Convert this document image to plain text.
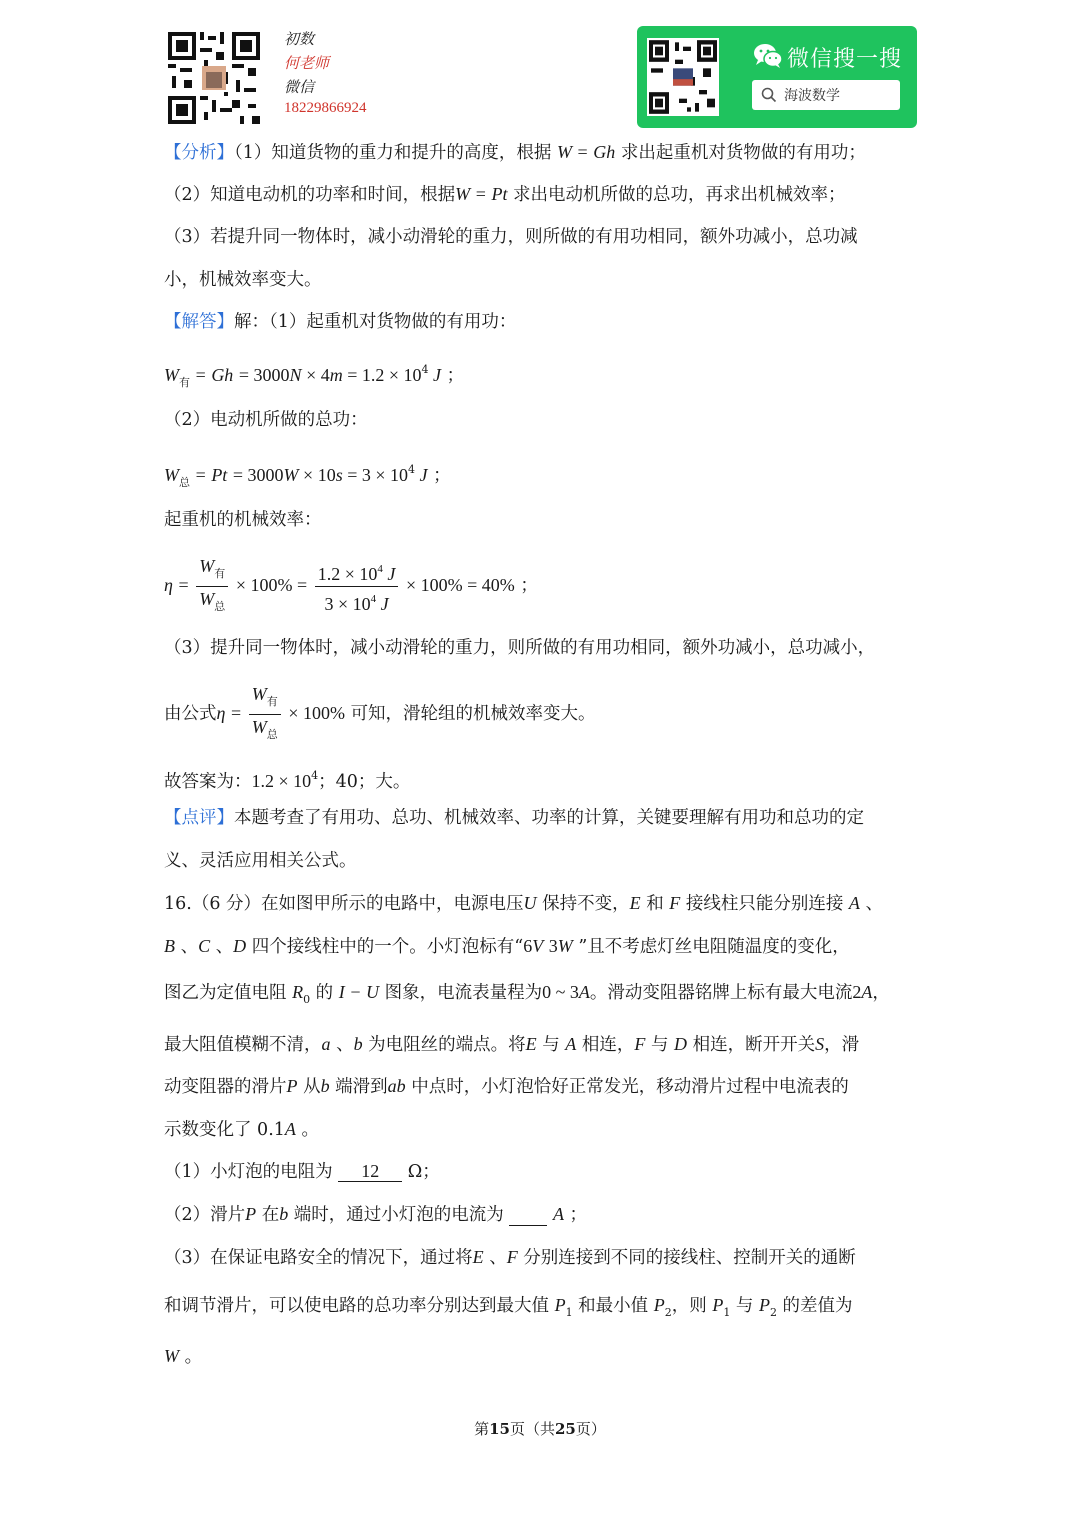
初数
何老师
微信
18229866924
微信搜一搜
海波数学
【分析】（1）知道货物的重力和提升的高度，根据 W = Gh 求出起重机对货物做的有用功；
（2）知道电动机的功率和时间，根据W = Pt 求出电动机所做的总功，再求出机械效率；
（3）若提升同一物体时，减小动滑轮的重力，则所做的有用功相同，额外功减小，总功减
小，机械效率变大。
【解答】解：（1）起重机对货物做的有用功：
$W_有 = Gh = 3000N \times 4m = 1.2 \times 10^4$ J ；
（2）电动机所做的总功：
$W_总 = Pt = 3000W \times 10s = 3 \times 10^4$ J ；
起重机的机械效率：
$\eta = \frac{W_有}{W_总} \times 100\% = \frac{1.2 \times 10^4 J}{3 \times 10^4 J} \times 100\% = 40\%$ ；
（3）提升同一物体时，减小动滑轮的重力，则所做的有用功相同，额外功减小，总功减小，
由公式$\eta = \frac{W_有}{W_总} \times 100\%$ 可知，滑轮组的机械效率变大。
故答案为：$1.2 \times 10^4$；40；大。
【点评】本题考查了有用功、总功、机械效率、功率的计算，关键要理解有用功和总功的定
义、灵活应用相关公式。
16.（6 分）在如图甲所示的电路中，电源电压U 保持不变，E 和 F 接线柱只能分别连接 A 、
B 、C 、D 四个接线柱中的一个。小灯泡标有“6V 3W ”且不考虑灯丝电阻随温度的变化，
图乙为定值电阻 $R_0$ 的 I − U 图象，电流表量程为0 ~ 3A。滑动变阻器铭牌上标有最大电流2A，
最大阻值模糊不清，a 、b 为电阻丝的端点。将E 与 A 相连，F 与 D 相连，断开开关S，滑
动变阻器的滑片P 从b 端滑到ab 中点时，小灯泡恰好正常发光，移动滑片过程中电流表的
示数变化了 0.1A 。
（1）小灯泡的电阻为 12 Ω；
（2）滑片P 在b 端时，通过小灯泡的电流为	A ；
（3）在保证电路安全的情况下，通过将E 、F 分别连接到不同的接线柱、控制开关的通断
和调节滑片，可以使电路的总功率分别达到最大值 $P_1$ 和最小值 $P_2$，则 $P_1$ 与 $P_2$ 的差值为
W 。
第15页（共25页）
